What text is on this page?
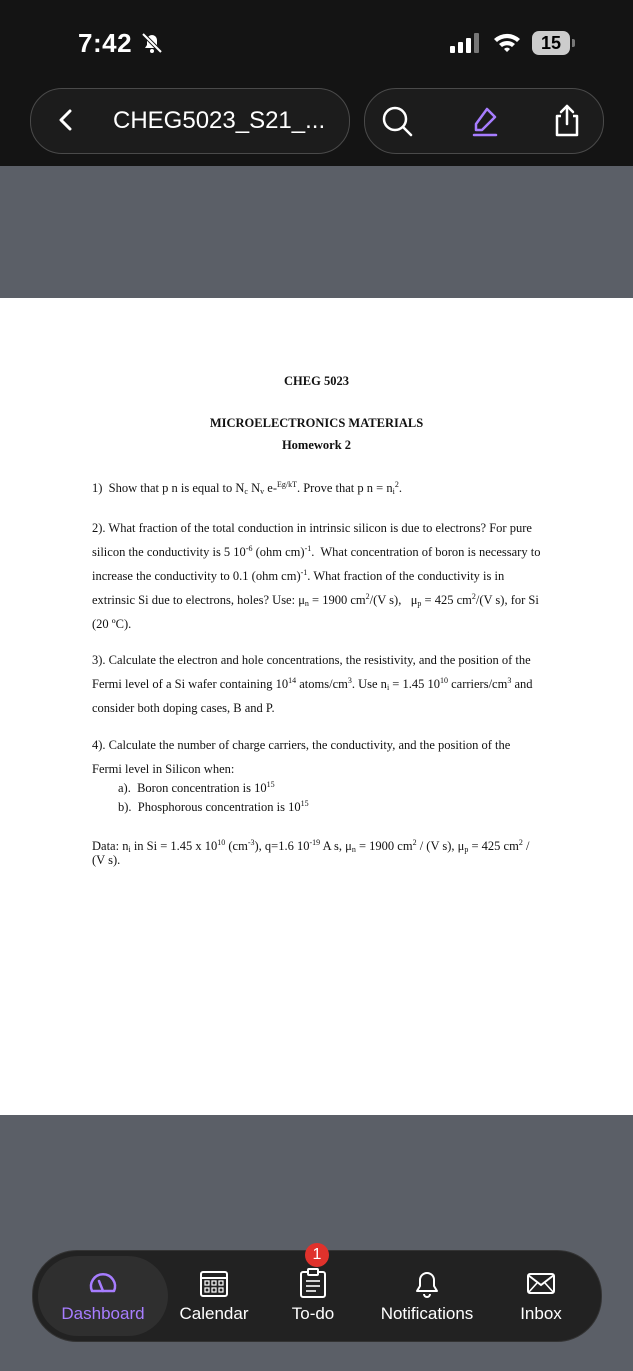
7:42	15
CHEG5023_S21_...
CHEG 5023
MICROELECTRONICS MATERIALS
Homework 2
1)  Show that p n is equal to $N_c$ $N_v$ e-$^{Eg/kT}$. Prove that p $n = n_i^2$.
2). What fraction of the total conduction in intrinsic silicon is due to electrons? For pure silicon the conductivity is 5 $10^{-6}$ (ohm cm)$^{-1}$.  What concentration of boron is necessary to increase the conductivity to 0.1 (ohm cm)$^{-1}$. What fraction of the conductivity is in extrinsic Si due to electrons, holes? Use: $\mu_n = 1900$ $cm^2/(V$ s),   $\mu_p = 425$ $cm^2/(V$ s), for Si (20 ºC).
3). Calculate the electron and hole concentrations, the resistivity, and the position of the Fermi level of a Si wafer containing $10^{14}$ atoms/$cm^3$. Use $n_i = 1.45$ $10^{10}$ carriers/$cm^3$ and consider both doping cases, B and P.
4). Calculate the number of charge carriers, the conductivity, and the position of the Fermi level in Silicon when:
a).  Boron concentration is $10^{15}$
b).  Phosphorous concentration is $10^{15}$
Data: $n_i$ in Si = 1.45 x $10^{10}$ $(cm^{-3})$, q=1.6 $10^{-19}$ A s, $\mu_n = 1900$ $cm^2 / (V$ s), $\mu_p = 425$ $cm^2 / (V$ s).
Dashboard	Calendar
1
To-do	Notifications	Inbox
